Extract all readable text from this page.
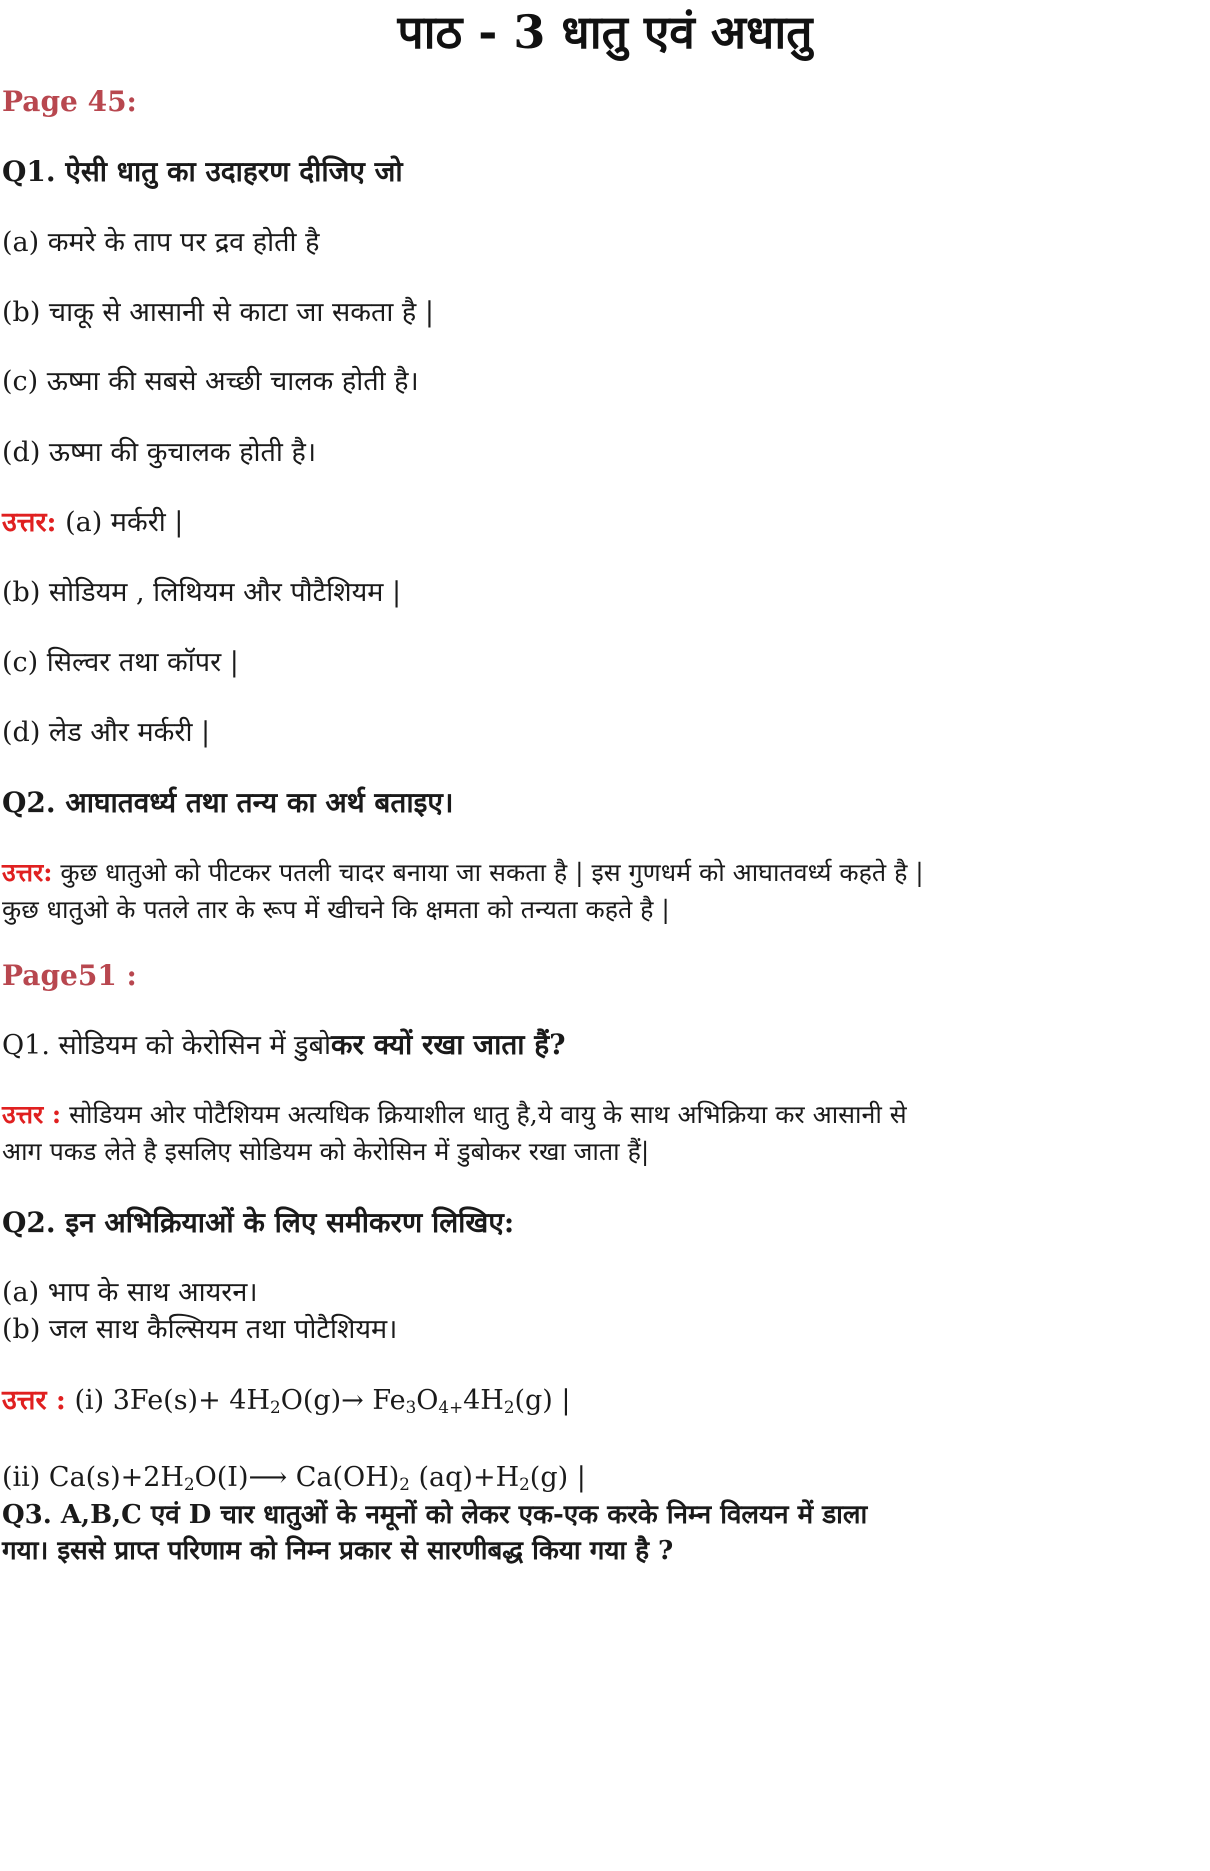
पाठ - 3 धातु एवं अधातु

Page 45:

Q1. ऐसी धातु का उदाहरण दीजिए जो

(a) कमरे के ताप पर द्रव होती है

(b) चाकू से आसानी से काटा जा सकता है |

(c) ऊष्मा की सबसे अच्छी चालक होती है।

(d) ऊष्मा की कुचालक होती है।

उत्तर: (a) मर्करी |

(b) सोडियम , लिथियम और पौटैशियम |

(c) सिल्वर तथा कॉपर |

(d) लेड और मर्करी |

Q2. आघातवर्ध्य तथा तन्य का अर्थ बताइए।

उत्तर: कुछ धातुओ को पीटकर पतली चादर बनाया जा सकता है | इस गुणधर्म को आघातवर्ध्य कहते है |

कुछ धातुओ के पतले तार के रूप में खीचने कि क्षमता को तन्यता कहते है |

Page51 :

Q1. सोडियम को केरोसिन में डुबोकर क्यों रखा जाता हैं?

उत्तर : सोडियम ओर पोटैशियम अत्यधिक क्रियाशील धातु है,ये वायु के साथ अभिक्रिया कर आसानी से

आग पकड लेते है इसलिए सोडियम को केरोसिन में डुबोकर रखा जाता हैं|

Q2. इन अभिक्रियाओं के लिए समीकरण लिखिए:

(a) भाप के साथ आयरन।

(b) जल साथ कैल्सियम तथा पोटैशियम।

उत्तर : (i) $3Fe(s)+ 4H_2O(g)\to Fe_3O_{4+}4H_2(g)$ |

(ii) $Ca(s)+2H_2O(I)⟶$ $Ca(OH)_2$ $(aq)+H_2(g)$ |

Q3. A,B,C एवं D चार धातुओं के नमूनों को लेकर एक-एक करके निम्न विलयन में डाला

गया। इससे प्राप्त परिणाम को निम्न प्रकार से सारणीबद्ध किया गया है ?
